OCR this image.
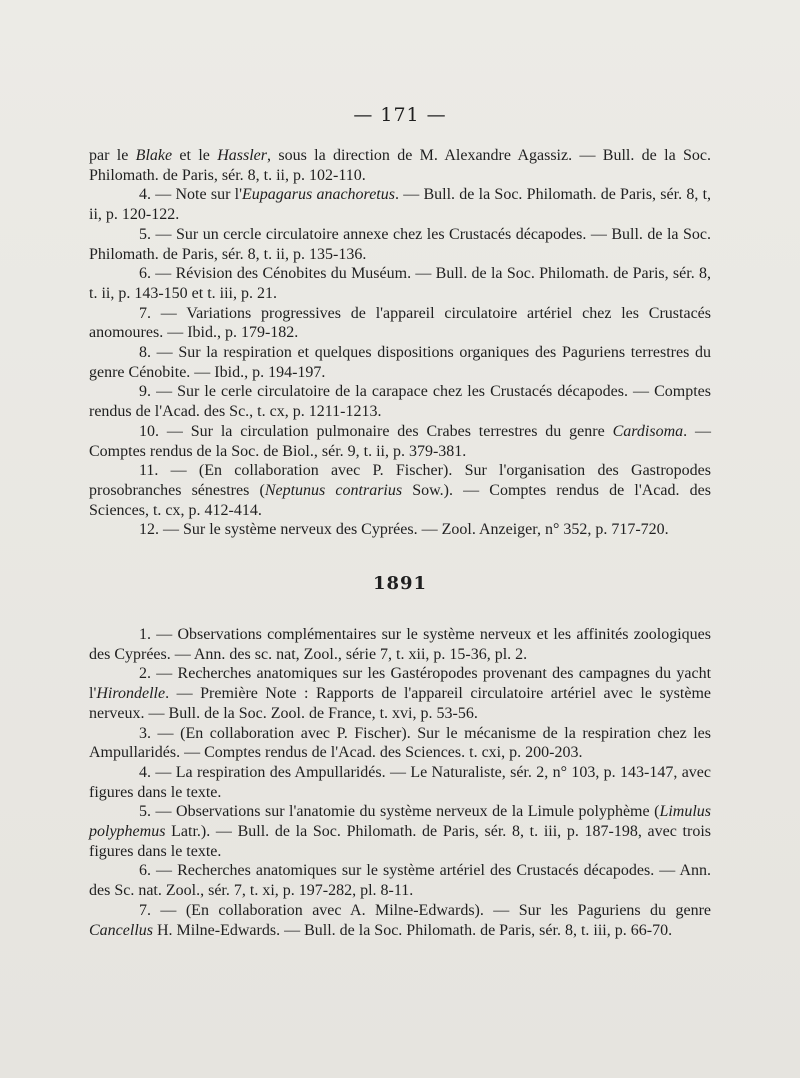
— 171 —

par le Blake et le Hassler, sous la direction de M. Alexandre Agassiz. — Bull. de la Soc. Philomath. de Paris, sér. 8, t. ii, p. 102-110.

4. — Note sur l'Eupagarus anachoretus. — Bull. de la Soc. Philomath. de Paris, sér. 8, t, ii, p. 120-122.

5. — Sur un cercle circulatoire annexe chez les Crustacés décapodes. — Bull. de la Soc. Philomath. de Paris, sér. 8, t. ii, p. 135-136.

6. — Révision des Cénobites du Muséum. — Bull. de la Soc. Philomath. de Paris, sér. 8, t. ii, p. 143-150 et t. iii, p. 21.

7. — Variations progressives de l'appareil circulatoire artériel chez les Crustacés anomoures. — Ibid., p. 179-182.

8. — Sur la respiration et quelques dispositions organiques des Paguriens terrestres du genre Cénobite. — Ibid., p. 194-197.

9. — Sur le cerle circulatoire de la carapace chez les Crustacés décapodes. — Comptes rendus de l'Acad. des Sc., t. cx, p. 1211-1213.

10. — Sur la circulation pulmonaire des Crabes terrestres du genre Cardisoma. — Comptes rendus de la Soc. de Biol., sér. 9, t. ii, p. 379-381.

11. — (En collaboration avec P. Fischer). Sur l'organisation des Gastropodes prosobranches sénestres (Neptunus contrarius Sow.). — Comptes rendus de l'Acad. des Sciences, t. cx, p. 412-414.

12. — Sur le système nerveux des Cyprées. — Zool. Anzeiger, n° 352, p. 717-720.

1891

1. — Observations complémentaires sur le système nerveux et les affinités zoologiques des Cyprées. — Ann. des sc. nat, Zool., série 7, t. xii, p. 15-36, pl. 2.

2. — Recherches anatomiques sur les Gastéropodes provenant des campagnes du yacht l'Hirondelle. — Première Note : Rapports de l'appareil circulatoire artériel avec le système nerveux. — Bull. de la Soc. Zool. de France, t. xvi, p. 53-56.

3. — (En collaboration avec P. Fischer). Sur le mécanisme de la respiration chez les Ampullaridés. — Comptes rendus de l'Acad. des Sciences. t. cxi, p. 200-203.

4. — La respiration des Ampullaridés. — Le Naturaliste, sér. 2, n° 103, p. 143-147, avec figures dans le texte.

5. — Observations sur l'anatomie du système nerveux de la Limule polyphème (Limulus polyphemus Latr.). — Bull. de la Soc. Philomath. de Paris, sér. 8, t. iii, p. 187-198, avec trois figures dans le texte.

6. — Recherches anatomiques sur le système artériel des Crustacés décapodes. — Ann. des Sc. nat. Zool., sér. 7, t. xi, p. 197-282, pl. 8-11.

7. — (En collaboration avec A. Milne-Edwards). — Sur les Paguriens du genre Cancellus H. Milne-Edwards. — Bull. de la Soc. Philomath. de Paris, sér. 8, t. iii, p. 66-70.
